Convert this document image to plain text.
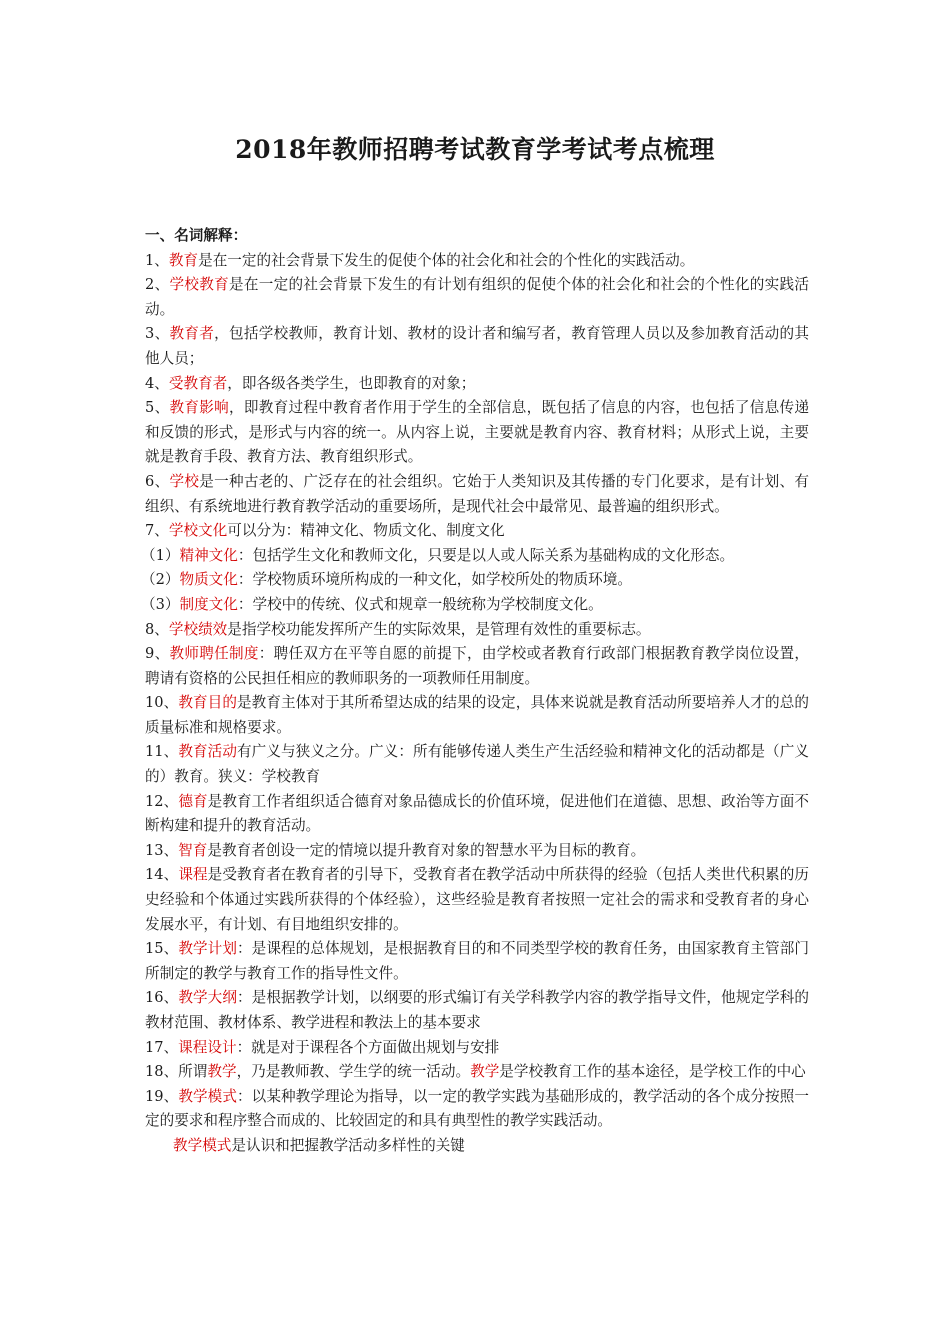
2018年教师招聘考试教育学考试考点梳理
一、名词解释：
1、教育是在一定的社会背景下发生的促使个体的社会化和社会的个性化的实践活动。
2、学校教育是在一定的社会背景下发生的有计划有组织的促使个体的社会化和社会的个性化的实践活动。
3、教育者，包括学校教师，教育计划、教材的设计者和编写者，教育管理人员以及参加教育活动的其他人员；
4、受教育者，即各级各类学生，也即教育的对象；
5、教育影响，即教育过程中教育者作用于学生的全部信息，既包括了信息的内容，也包括了信息传递和反馈的形式，是形式与内容的统一。从内容上说，主要就是教育内容、教育材料；从形式上说，主要就是教育手段、教育方法、教育组织形式。
6、学校是一种古老的、广泛存在的社会组织。它始于人类知识及其传播的专门化要求，是有计划、有组织、有系统地进行教育教学活动的重要场所，是现代社会中最常见、最普遍的组织形式。
7、学校文化可以分为：精神文化、物质文化、制度文化
（1）精神文化：包括学生文化和教师文化，只要是以人或人际关系为基础构成的文化形态。
（2）物质文化：学校物质环境所构成的一种文化，如学校所处的物质环境。
（3）制度文化：学校中的传统、仪式和规章一般统称为学校制度文化。
8、学校绩效是指学校功能发挥所产生的实际效果，是管理有效性的重要标志。
9、教师聘任制度：聘任双方在平等自愿的前提下，由学校或者教育行政部门根据教育教学岗位设置，聘请有资格的公民担任相应的教师职务的一项教师任用制度。
10、教育目的是教育主体对于其所希望达成的结果的设定，具体来说就是教育活动所要培养人才的总的质量标准和规格要求。
11、教育活动有广义与狭义之分。广义：所有能够传递人类生产生活经验和精神文化的活动都是（广义的）教育。狭义：学校教育
12、德育是教育工作者组织适合德育对象品德成长的价值环境，促进他们在道德、思想、政治等方面不断构建和提升的教育活动。
13、智育是教育者创设一定的情境以提升教育对象的智慧水平为目标的教育。
14、课程是受教育者在教育者的引导下，受教育者在教学活动中所获得的经验（包括人类世代积累的历史经验和个体通过实践所获得的个体经验），这些经验是教育者按照一定社会的需求和受教育者的身心发展水平，有计划、有目地组织安排的。
15、教学计划：是课程的总体规划，是根据教育目的和不同类型学校的教育任务，由国家教育主管部门所制定的教学与教育工作的指导性文件。
16、教学大纲：是根据教学计划，以纲要的形式编订有关学科教学内容的教学指导文件，他规定学科的教材范围、教材体系、教学进程和教法上的基本要求
17、课程设计：就是对于课程各个方面做出规划与安排
18、所谓教学，乃是教师教、学生学的统一活动。教学是学校教育工作的基本途径，是学校工作的中心
19、教学模式：以某种教学理论为指导，以一定的教学实践为基础形成的，教学活动的各个成分按照一定的要求和程序整合而成的、比较固定的和具有典型性的教学实践活动。
教学模式是认识和把握教学活动多样性的关键
